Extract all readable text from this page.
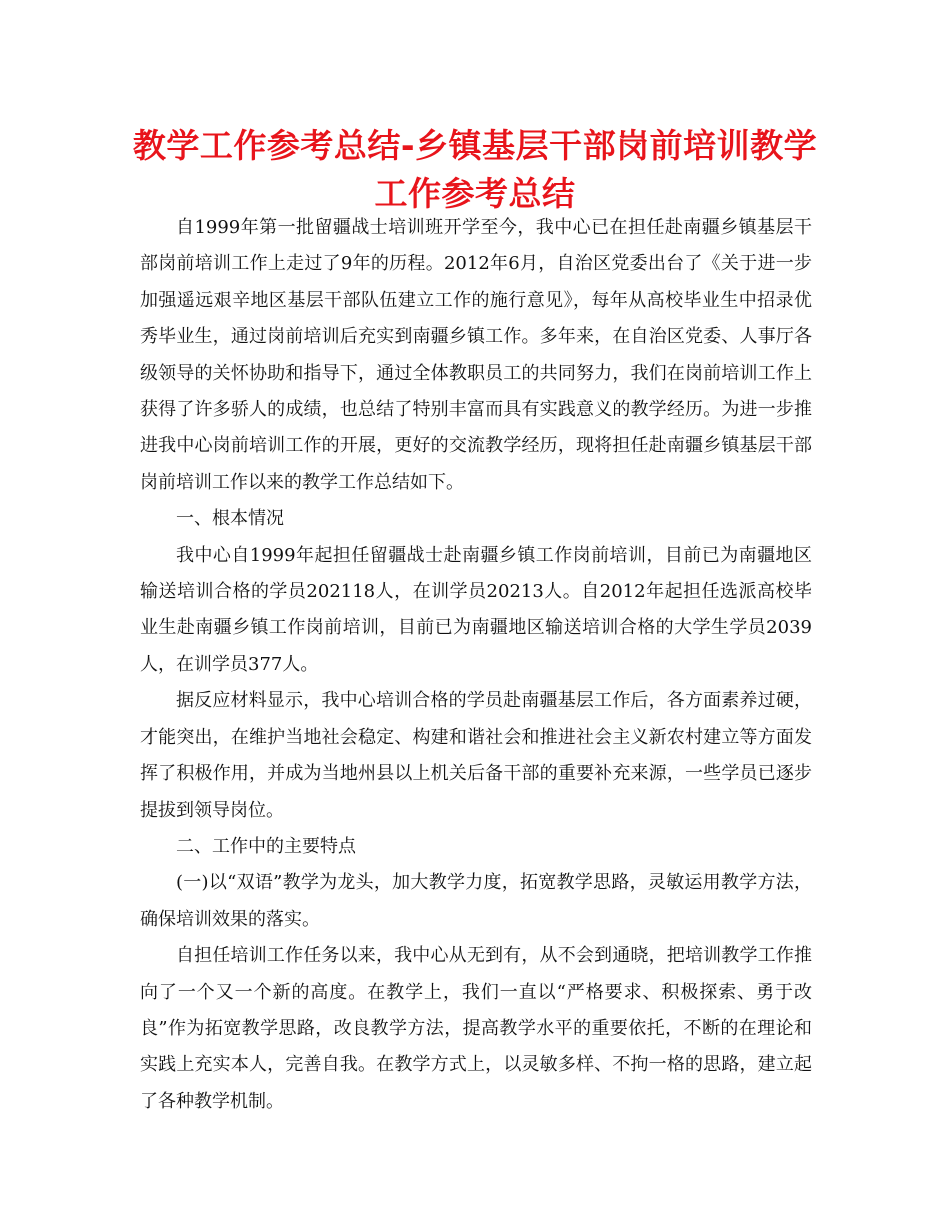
教学工作参考总结-乡镇基层干部岗前培训教学工作参考总结

自1999年第一批留疆战士培训班开学至今，我中心已在担任赴南疆乡镇基层干部岗前培训工作上走过了9年的历程。2012年6月，自治区党委出台了《关于进一步加强遥远艰辛地区基层干部队伍建立工作的施行意见》，每年从高校毕业生中招录优秀毕业生，通过岗前培训后充实到南疆乡镇工作。多年来，在自治区党委、人事厅各级领导的关怀协助和指导下，通过全体教职员工的共同努力，我们在岗前培训工作上获得了许多骄人的成绩，也总结了特别丰富而具有实践意义的教学经历。为进一步推进我中心岗前培训工作的开展，更好的交流教学经历，现将担任赴南疆乡镇基层干部岗前培训工作以来的教学工作总结如下。

一、根本情况

我中心自1999年起担任留疆战士赴南疆乡镇工作岗前培训，目前已为南疆地区输送培训合格的学员202118人，在训学员20213人。自2012年起担任选派高校毕业生赴南疆乡镇工作岗前培训，目前已为南疆地区输送培训合格的大学生学员2039人，在训学员377人。

据反应材料显示，我中心培训合格的学员赴南疆基层工作后，各方面素养过硬，才能突出，在维护当地社会稳定、构建和谐社会和推进社会主义新农村建立等方面发挥了积极作用，并成为当地州县以上机关后备干部的重要补充来源，一些学员已逐步提拔到领导岗位。

二、工作中的主要特点

(一)以“双语”教学为龙头，加大教学力度，拓宽教学思路，灵敏运用教学方法，确保培训效果的落实。

自担任培训工作任务以来，我中心从无到有，从不会到通晓，把培训教学工作推向了一个又一个新的高度。在教学上，我们一直以“严格要求、积极探索、勇于改良”作为拓宽教学思路，改良教学方法，提高教学水平的重要依托，不断的在理论和实践上充实本人，完善自我。在教学方式上，以灵敏多样、不拘一格的思路，建立起了各种教学机制。
